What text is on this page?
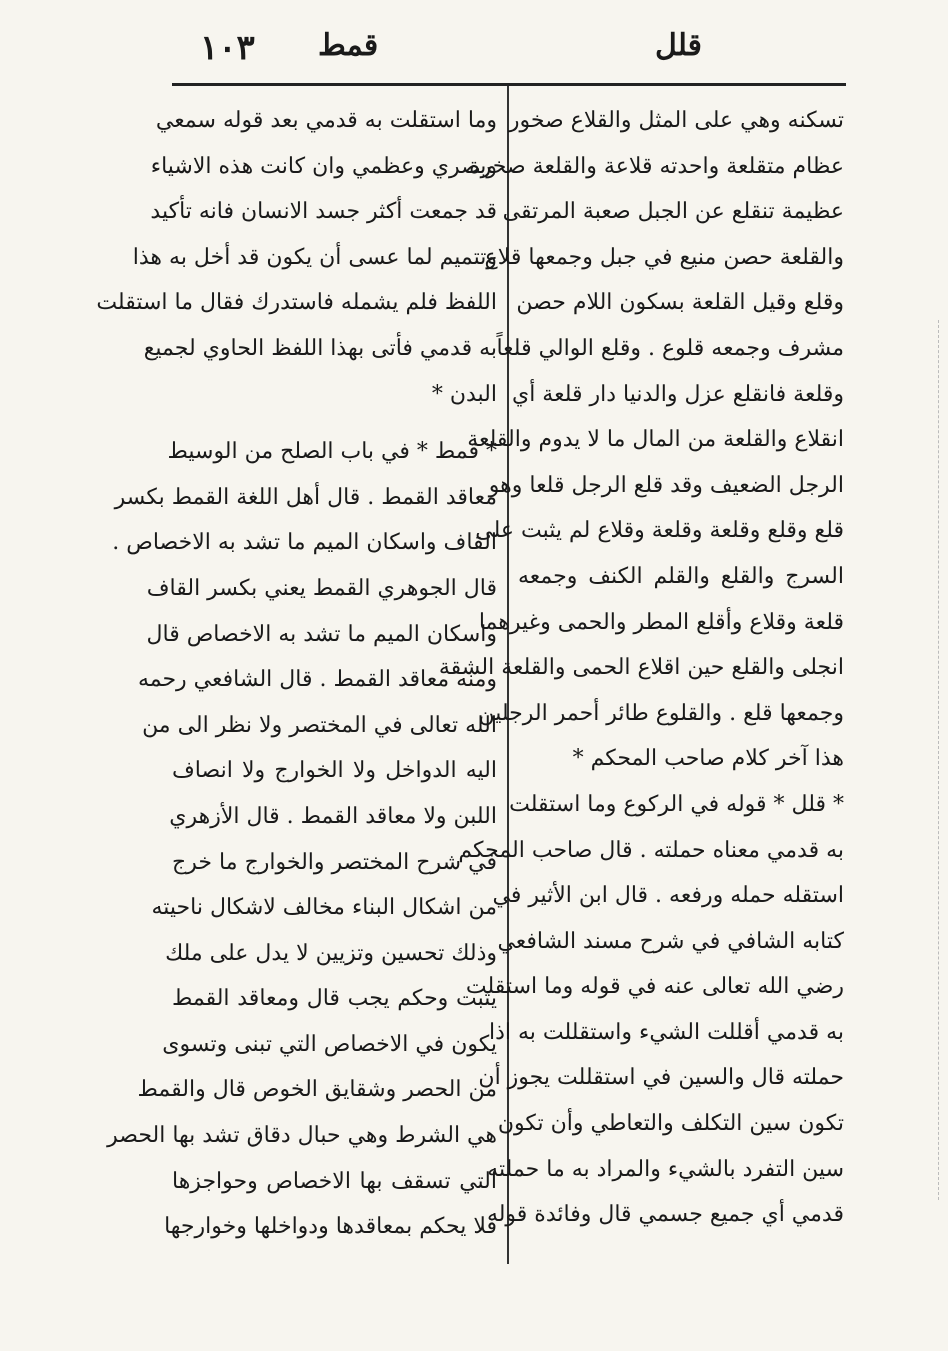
قلل
قمط
١٠٣
تسكنه وهي على المثل والقلاع صخور
عظام متقلعة واحدته قلاعة والقلعة صخرة
عظيمة تنقلع عن الجبل صعبة المرتقى
والقلعة حصن منيع في جبل وجمعها قلاع
وقلع وقيل القلعة بسكون اللام حصن
مشرف وجمعه قلوع . وقلع الوالي قلعاً
وقلعة فانقلع عزل والدنيا دار قلعة أي
انقلاع والقلعة من المال ما لا يدوم والقلعة
الرجل الضعيف وقد قلع الرجل قلعا وهو
قلع وقلع وقلعة وقلعة وقلاع لم يثبت على
السرج والقلع والقلم الكنف وجمعه
قلعة وقلاع وأقلع المطر والحمى وغيرهما
انجلى والقلع حين اقلاع الحمى والقلعة الشقة
وجمعها قلع . والقلوع طائر أحمر الرجلين
هذا آخر كلام صاحب المحكم *
* قلل * قوله في الركوع وما استقلت
به قدمي معناه حملته . قال صاحب المحكم
استقله حمله ورفعه . قال ابن الأثير في
كتابه الشافي في شرح مسند الشافعي
رضي الله تعالى عنه في قوله وما استقلت
به قدمي أقللت الشيء واستقللت به اذا
حملته قال والسين في استقللت يجوز أن
تكون سين التكلف والتعاطي وأن تكون
سين التفرد بالشيء والمراد به ما حملته
قدمي أي جميع جسمي قال وفائدة قوله
وما استقلت به قدمي بعد قوله سمعي
وبصري وعظمي وان كانت هذه الاشياء
قد جمعت أكثر جسد الانسان فانه تأكيد
وتتميم لما عسى أن يكون قد أخل به هذا
اللفظ فلم يشمله فاستدرك فقال ما استقلت
به قدمي فأتى بهذا اللفظ الحاوي لجميع
البدن *
* قمط * في باب الصلح من الوسيط
معاقد القمط . قال أهل اللغة القمط بكسر
القاف واسكان الميم ما تشد به الاخصاص .
قال الجوهري القمط يعني بكسر القاف
واسكان الميم ما تشد به الاخصاص قال
ومنه معاقد القمط . قال الشافعي رحمه
الله تعالى في المختصر ولا نظر الى من
اليه الدواخل ولا الخوارج ولا انصاف
اللبن ولا معاقد القمط . قال الأزهري
في شرح المختصر والخوارج ما خرج
من اشكال البناء مخالف لاشكال ناحيته
وذلك تحسين وتزيين لا يدل على ملك
يثبت وحكم يجب قال ومعاقد القمط
يكون في الاخصاص التي تبنى وتسوى
من الحصر وشقايق الخوص قال والقمط
هي الشرط وهي حبال دقاق تشد بها الحصر
التي تسقف بها الاخصاص وحواجزها
فلا يحكم بمعاقدها ودواخلها وخوارجها
